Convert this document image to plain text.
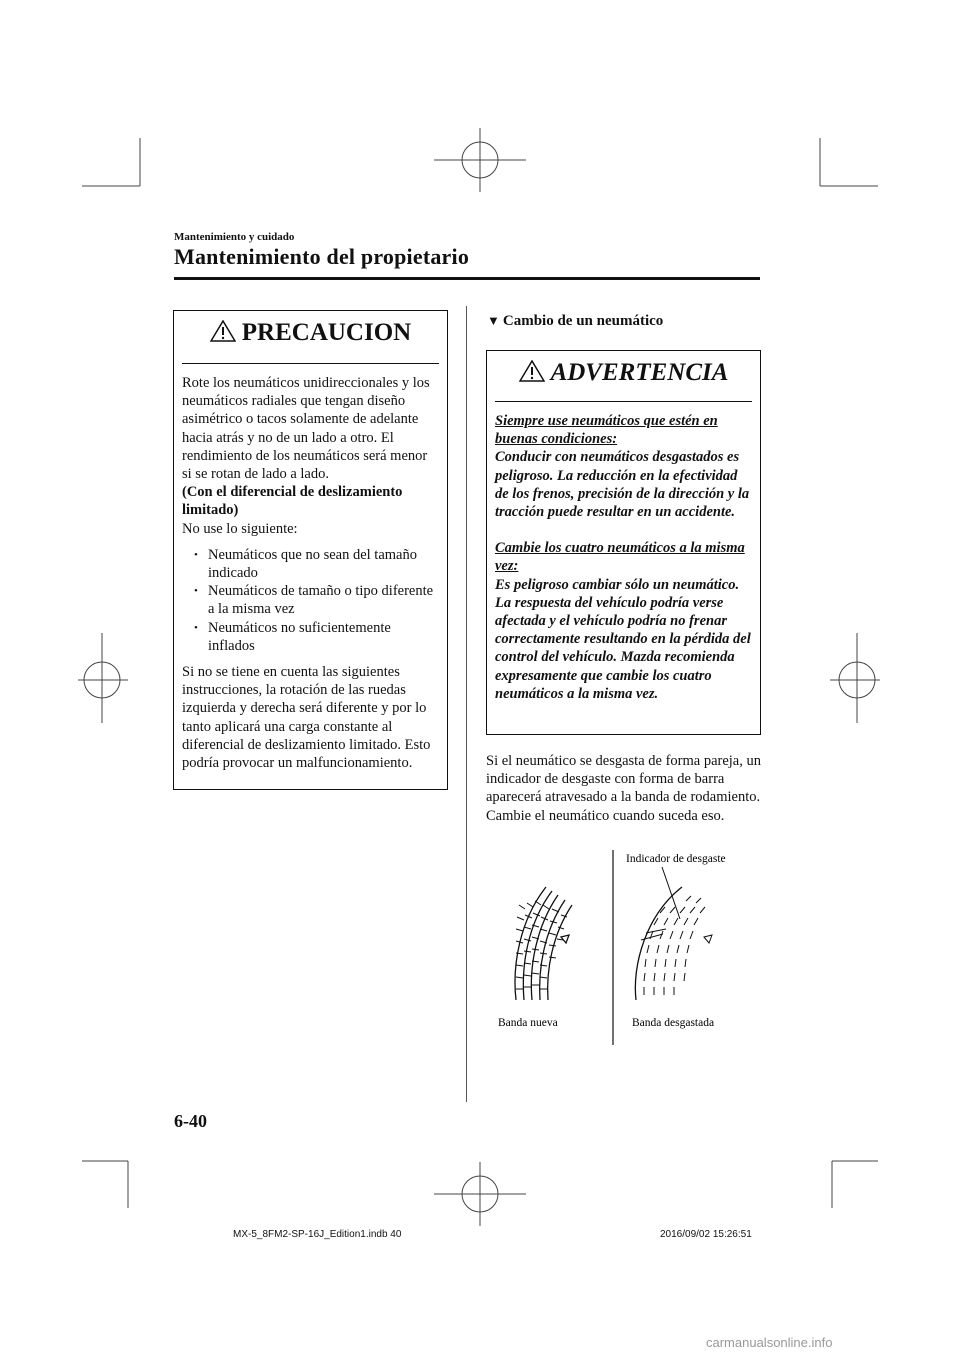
Mantenimiento y cuidado
Mantenimiento del propietario
PRECAUCION
Rote los neumáticos unidireccionales y los neumáticos radiales que tengan diseño asimétrico o tacos solamente de adelante hacia atrás y no de un lado a otro. El rendimiento de los neumáticos será menor si se rotan de lado a lado.
(Con el diferencial de deslizamiento limitado)
No use lo siguiente:
• Neumáticos que no sean del tamaño indicado
• Neumáticos de tamaño o tipo diferente a la misma vez
• Neumáticos no suficientemente inflados
Si no se tiene en cuenta las siguientes instrucciones, la rotación de las ruedas izquierda y derecha será diferente y por lo tanto aplicará una carga constante al diferencial de deslizamiento limitado. Esto podría provocar un malfuncionamiento.
▼ Cambio de un neumático
ADVERTENCIA
Siempre use neumáticos que estén en buenas condiciones:
Conducir con neumáticos desgastados es peligroso. La reducción en la efectividad de los frenos, precisión de la dirección y la tracción puede resultar en un accidente.
Cambie los cuatro neumáticos a la misma vez:
Es peligroso cambiar sólo un neumático. La respuesta del vehículo podría verse afectada y el vehículo podría no frenar correctamente resultando en la pérdida del control del vehículo. Mazda recomienda expresamente que cambie los cuatro neumáticos a la misma vez.
Si el neumático se desgasta de forma pareja, un indicador de desgaste con forma de barra aparecerá atravesado a la banda de rodamiento. Cambie el neumático cuando suceda eso.
Indicador de desgaste
Banda nueva	Banda desgastada
6-40
MX-5_8FM2-SP-16J_Edition1.indb 40	2016/09/02 15:26:51
carmanualsonline.info
